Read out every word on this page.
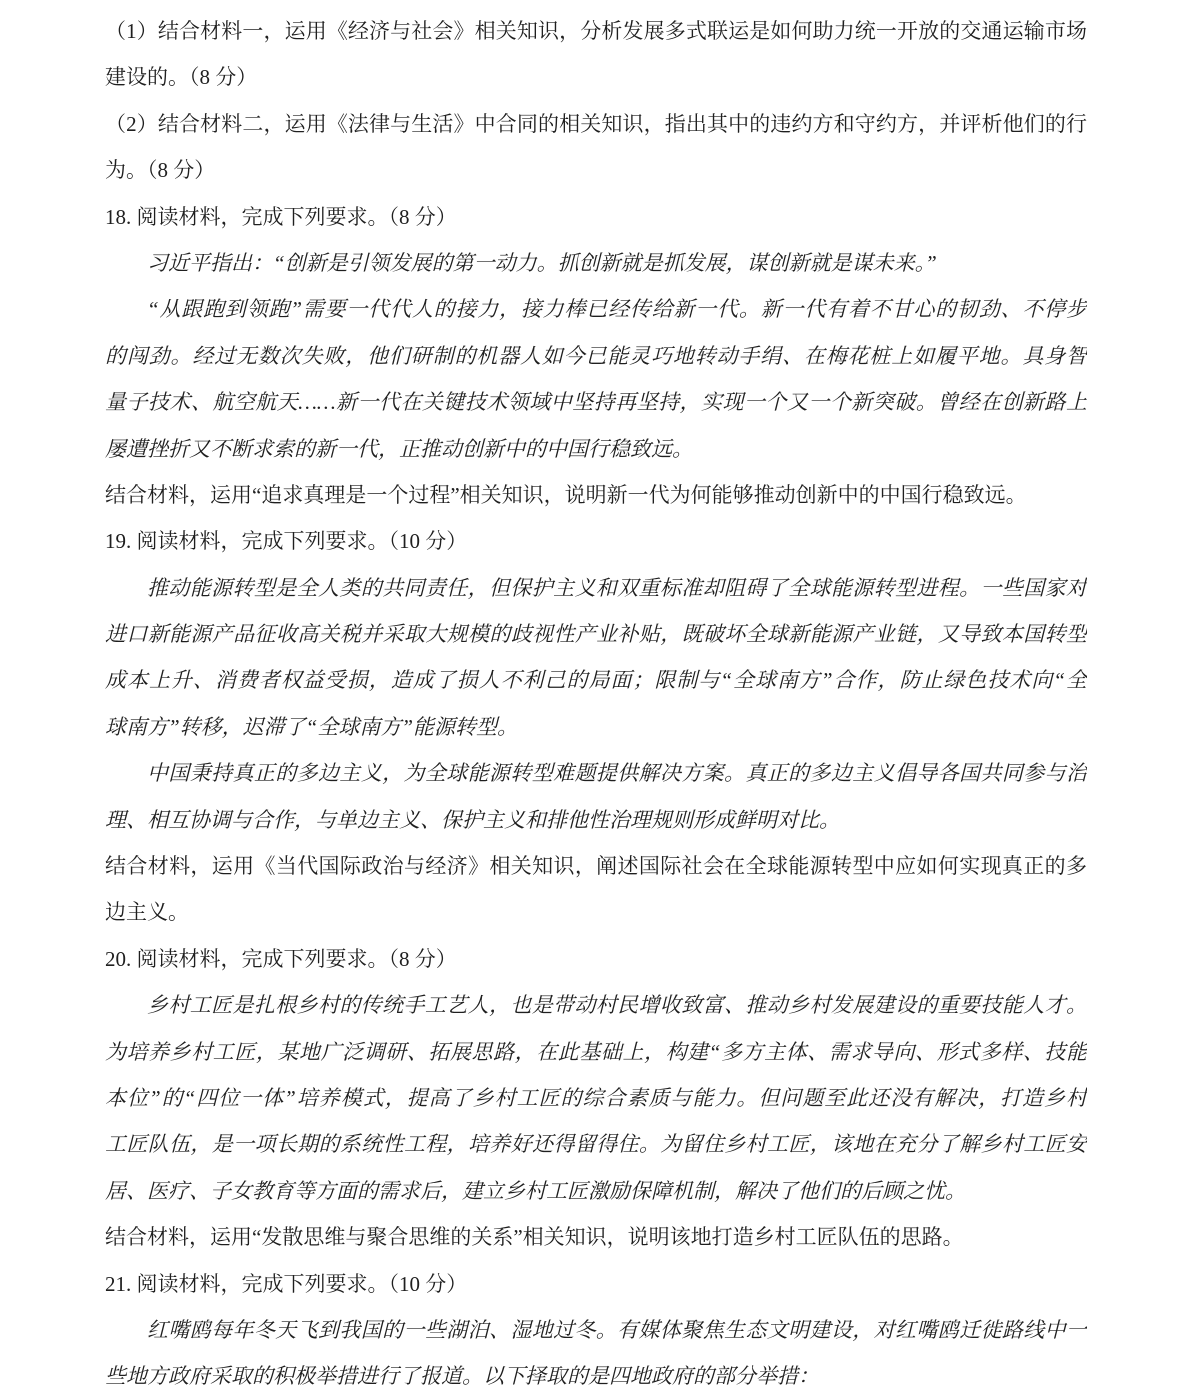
（1）结合材料一，运用《经济与社会》相关知识，分析发展多式联运是如何助力统一开放的交通运输市场
建设的。（8 分）
（2）结合材料二，运用《法律与生活》中合同的相关知识，指出其中的违约方和守约方，并评析他们的行
为。（8 分）
18. 阅读材料，完成下列要求。（8 分）
习近平指出：“创新是引领发展的第一动力。抓创新就是抓发展，谋创新就是谋未来。”
“从跟跑到领跑”需要一代代人的接力，接力棒已经传给新一代。新一代有着不甘心的韧劲、不停步
的闯劲。经过无数次失败，他们研制的机器人如今已能灵巧地转动手绢、在梅花桩上如履平地。具身智
量子技术、航空航天……新一代在关键技术领域中坚持再坚持，实现一个又一个新突破。曾经在创新路上
屡遭挫折又不断求索的新一代，正推动创新中的中国行稳致远。
结合材料，运用“追求真理是一个过程”相关知识，说明新一代为何能够推动创新中的中国行稳致远。
19. 阅读材料，完成下列要求。（10 分）
推动能源转型是全人类的共同责任，但保护主义和双重标准却阻碍了全球能源转型进程。一些国家对
进口新能源产品征收高关税并采取大规模的歧视性产业补贴，既破坏全球新能源产业链，又导致本国转型
成本上升、消费者权益受损，造成了损人不利己的局面；限制与“全球南方”合作，防止绿色技术向“全
球南方”转移，迟滞了“全球南方”能源转型。
中国秉持真正的多边主义，为全球能源转型难题提供解决方案。真正的多边主义倡导各国共同参与治
理、相互协调与合作，与单边主义、保护主义和排他性治理规则形成鲜明对比。
结合材料，运用《当代国际政治与经济》相关知识，阐述国际社会在全球能源转型中应如何实现真正的多
边主义。
20. 阅读材料，完成下列要求。（8 分）
乡村工匠是扎根乡村的传统手工艺人，也是带动村民增收致富、推动乡村发展建设的重要技能人才。
为培养乡村工匠，某地广泛调研、拓展思路，在此基础上，构建“多方主体、需求导向、形式多样、技能
本位”的“四位一体”培养模式，提高了乡村工匠的综合素质与能力。但问题至此还没有解决，打造乡村
工匠队伍，是一项长期的系统性工程，培养好还得留得住。为留住乡村工匠，该地在充分了解乡村工匠安
居、医疗、子女教育等方面的需求后，建立乡村工匠激励保障机制，解决了他们的后顾之忧。
结合材料，运用“发散思维与聚合思维的关系”相关知识，说明该地打造乡村工匠队伍的思路。
21. 阅读材料，完成下列要求。（10 分）
红嘴鸥每年冬天飞到我国的一些湖泊、湿地过冬。有媒体聚焦生态文明建设，对红嘴鸥迁徙路线中一
些地方政府采取的积极举措进行了报道。以下择取的是四地政府的部分举措：
